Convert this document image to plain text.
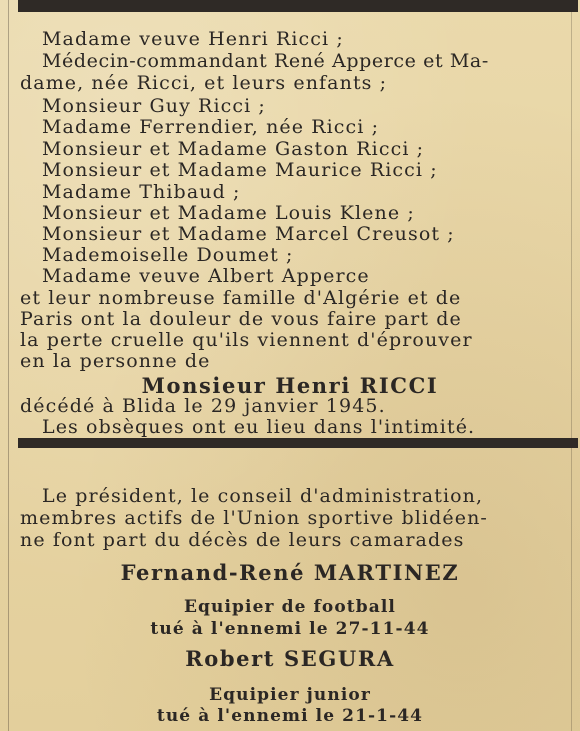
Madame veuve Henri Ricci ;
Médecin-commandant René Apperce et Ma-
dame, née Ricci, et leurs enfants ;
Monsieur Guy Ricci ;
Madame Ferrendier, née Ricci ;
Monsieur et Madame Gaston Ricci ;
Monsieur et Madame Maurice Ricci ;
Madame Thibaud ;
Monsieur et Madame Louis Klene ;
Monsieur et Madame Marcel Creusot ;
Mademoiselle Doumet ;
Madame veuve Albert Apperce
et leur nombreuse famille d'Algérie et de
Paris ont la douleur de vous faire part de
la perte cruelle qu'ils viennent d'éprouver
en la personne de
Monsieur Henri RICCI
décédé à Blida le 29 janvier 1945.
Les obsèques ont eu lieu dans l'intimité.
Le président, le conseil d'administration,
membres actifs de l'Union sportive blidéen-
ne font part du décès de leurs camarades
Fernand-René MARTINEZ
Equipier de football
tué à l'ennemi le 27-11-44
Robert SEGURA
Equipier junior
tué à l'ennemi le 21-1-44
